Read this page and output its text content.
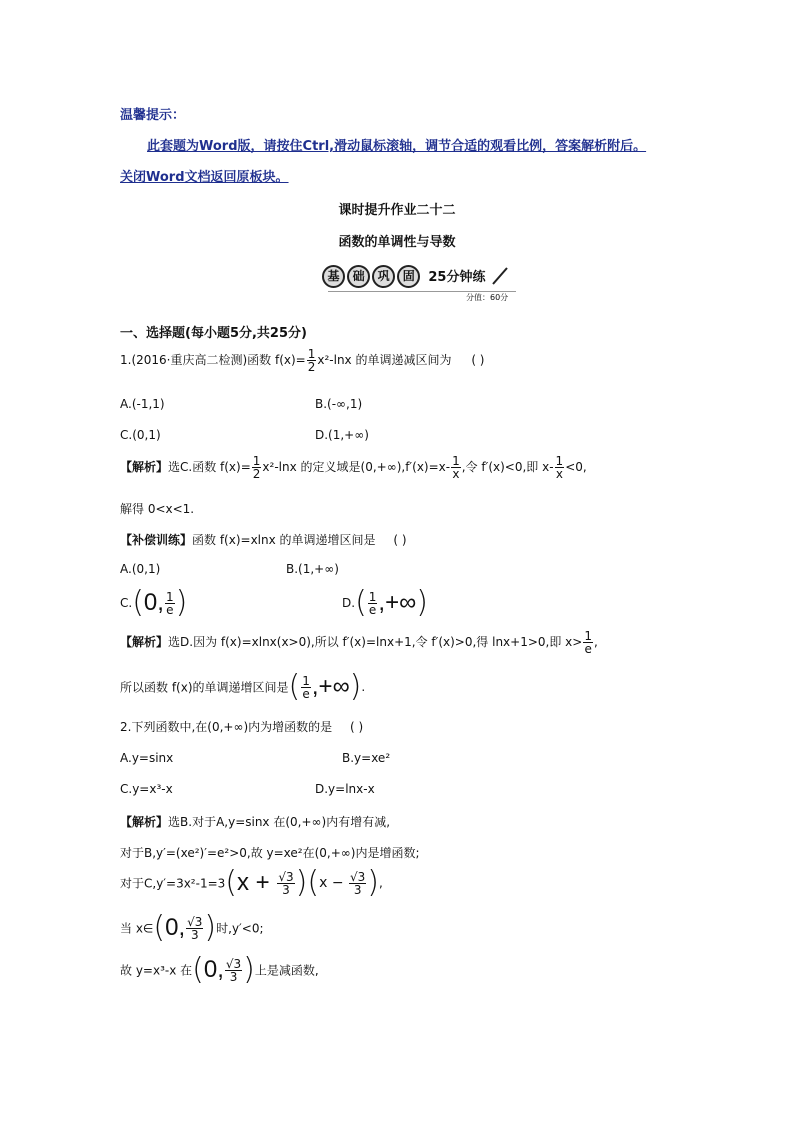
温馨提示：
此套题为Word版，请按住Ctrl,滑动鼠标滚轴，调节合适的观看比例，答案解析附后。
关闭Word文档返回原板块。
课时提升作业二十二
函数的单调性与导数
基 础 巩 固 25分钟练
分值：60分
一、选择题(每小题5分,共25分)
1.(2016·重庆高二检测)函数 $f(x)= \frac{1}{2} x^2-\ln x$ 的单调递减区间为 ( )
A.(-1,1)	B.(-∞,1)
C.(0,1)	D.(1,+∞)
【解析】选C.函数 $f(x)= \frac{1}{2} x^2-\ln x$ 的定义域是$(0,+\infty),f'(x)=x- \frac{1}{x}$ ,令 f′(x)<0,即 $x- \frac{1}{x} <0$,
解得 0<x<1.
【补偿训练】函数 f(x)=xlnx 的单调递增区间是 ( )
A.(0,1)	B.(1,+∞)
C.(0, $\frac{1}{e}$ )	$D.( \frac{1}{e}$ ,+∞)
【解析】选D.因为 f(x)=xlnx(x>0),所以 f′(x)=lnx+1,令 f′(x)>0,得 lnx+1>0,即 $x> \frac{1}{e}$ ,
所以函数 f(x)的单调递增区间是( $\frac{1}{e}$ ,+∞).
2.下列函数中,在(0,+∞)内为增函数的是 ( )
A.y=sinx	B.y=xe²
C.y=x³-x	D.y=lnx-x
【解析】选B.对于A,y=sinx 在(0,+∞)内有增有减,
对于B,y′=(xe²)′=e²>0,故 y=xe²在(0,+∞)内是增函数;
对于$C,y'=3x^2-1=3(x + \frac{√3}{3} )(x - \frac{√3}{3}$ ),
当 x∈(0, $\frac{√3}{3}$ )时,y′<0;
故 y=x³-x 在(0, $\frac{√3}{3}$ )上是减函数,
